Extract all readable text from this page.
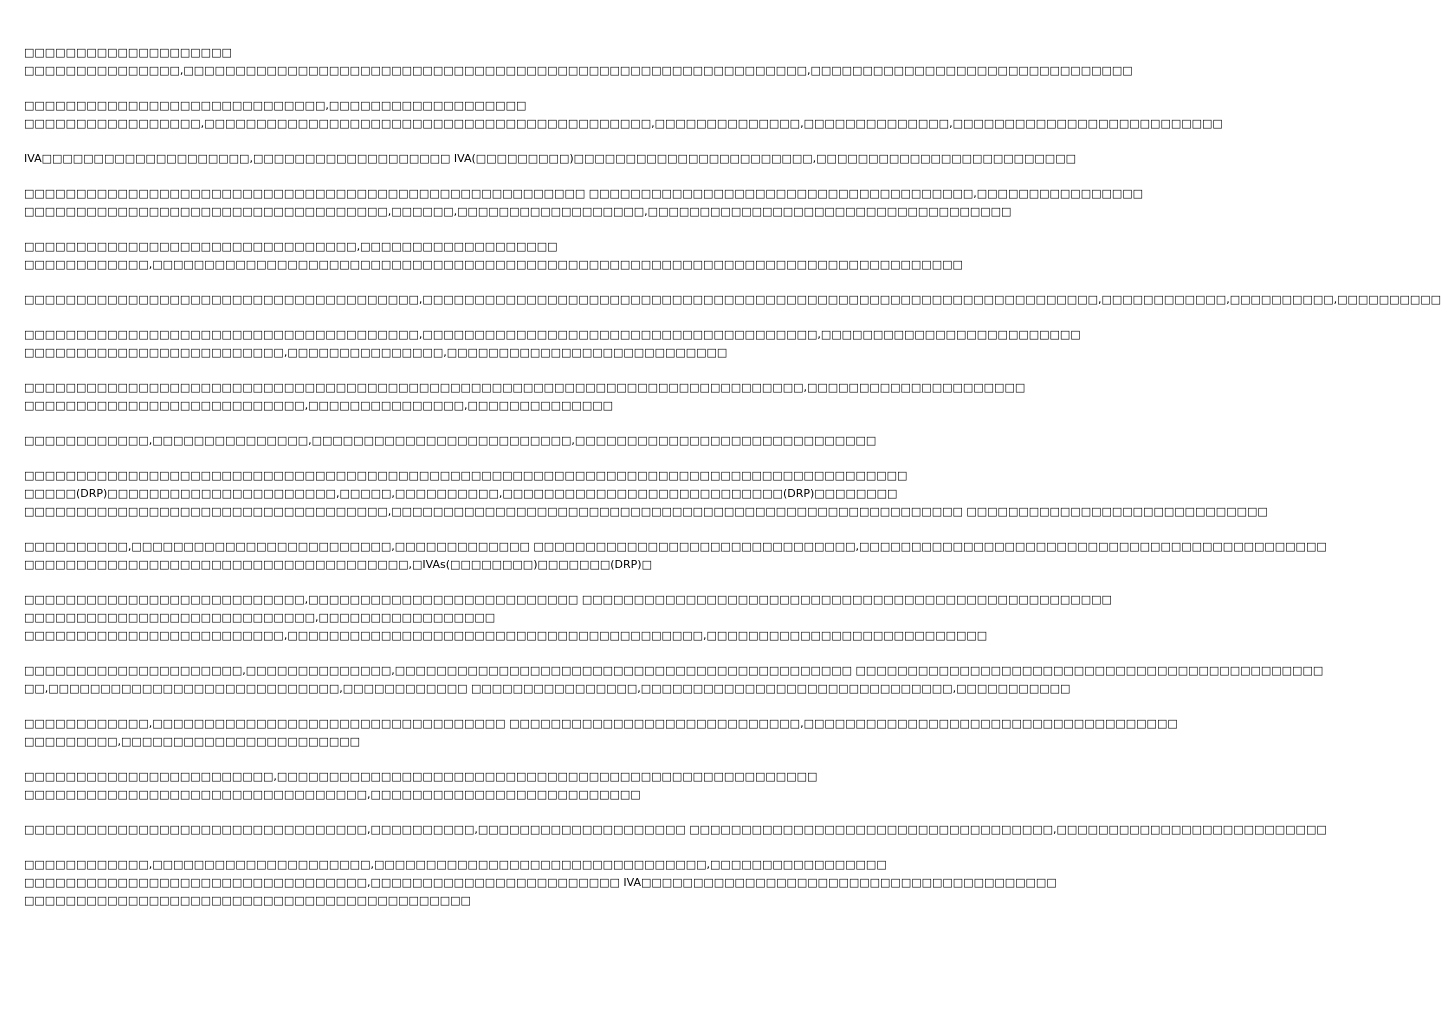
□□□□□□□□□□□□□□□□□□□□
□□□□□□□□□□□□□□□,□□□□□□□□□□□□□□□□□□□□□□□□□□□□□□□□□□□□□□□□□□□□□□□□□□□□□□□□□□□□,□□□□□□□□□□□□□□□□□□□□□□□□□□□□□□□
□□□□□□□□□□□□□□□□□□□□□□□□□□□□□,□□□□□□□□□□□□□□□□□□□
□□□□□□□□□□□□□□□□□,□□□□□□□□□□□□□□□□□□□□□□□□□□□□□□□□□□□□□□□□□□□,□□□□□□□□□□□□□□,□□□□□□□□□□□□□□,□□□□□□□□□□□□□□□□□□□□□□□□□□
IVA□□□□□□□□□□□□□□□□□□□□,□□□□□□□□□□□□□□□□□□□ IVA(□□□□□□□□□)□□□□□□□□□□□□□□□□□□□□□□□,□□□□□□□□□□□□□□□□□□□□□□□□□
□□□□□□□□□□□□□□□□□□□□□□□□□□□□□□□□□□□□□□□□□□□□□□□□□□□□□□ □□□□□□□□□□□□□□□□□□□□□□□□□□□□□□□□□□□□□,□□□□□□□□□□□□□□□□
□□□□□□□□□□□□□□□□□□□□□□□□□□□□□□□□□□□,□□□□□□,□□□□□□□□□□□□□□□□□□,□□□□□□□□□□□□□□□□□□□□□□□□□□□□□□□□□□□
□□□□□□□□□□□□□□□□□□□□□□□□□□□□□□□□,□□□□□□□□□□□□□□□□□□□
□□□□□□□□□□□□,□□□□□□□□□□□□□□□□□□□□□□□□□□□□□□□□□□□□□□□□□□□□□□□□□□□□□□□□□□□□□□□□□□□□□□□□□□□□□□
□□□□□□□□□□□□□□□□□□□□□□□□□□□□□□□□□□□□□□,□□□□□□□□□□□□□□□□□□□□□□□□□□□□□□□□□□□□□□□□□□□□□□□□□□□□□□□□□□□□□□□□□,□□□□□□□□□□□□,□□□□□□□□□□,□□□□□□□□□□
□□□□□□□□□□□□□□□□□□□□□□□□□□□□□□□□□□□□□□,□□□□□□□□□□□□□□□□□□□□□□□□□□□□□□□□□□□□□□,□□□□□□□□□□□□□□□□□□□□□□□□□
□□□□□□□□□□□□□□□□□□□□□□□□□,□□□□□□□□□□□□□□□,□□□□□□□□□□□□□□□□□□□□□□□□□□□
□□□□□□□□□□□□□□□□□□□□□□□□□□□□□□□□□□□□□□□□□□□□□□□□□□□□□□□□□□□□□□□□□□□□□□□□□□□,□□□□□□□□□□□□□□□□□□□□□
□□□□□□□□□□□□□□□□□□□□□□□□□□□,□□□□□□□□□□□□□□□,□□□□□□□□□□□□□□
□□□□□□□□□□□□,□□□□□□□□□□□□□□□,□□□□□□□□□□□□□□□□□□□□□□□□□,□□□□□□□□□□□□□□□□□□□□□□□□□□□□□
□□□□□□□□□□□□□□□□□□□□□□□□□□□□□□□□□□□□□□□□□□□□□□□□□□□□□□□□□□□□□□□□□□□□□□□□□□□□□□□□□□□□□
□□□□□(DRP)□□□□□□□□□□□□□□□□□□□□□□,□□□□□,□□□□□□□□□□,□□□□□□□□□□□□□□□□□□□□□□□□□□□(DRP)□□□□□□□□
□□□□□□□□□□□□□□□□□□□□□□□□□□□□□□□□□□□,□□□□□□□□□□□□□□□□□□□□□□□□□□□□□□□□□□□□□□□□□□□□□□□□□□□□□□□ □□□□□□□□□□□□□□□□□□□□□□□□□□□□□
□□□□□□□□□□,□□□□□□□□□□□□□□□□□□□□□□□□□,□□□□□□□□□□□□□ □□□□□□□□□□□□□□□□□□□□□□□□□□□□□□□,□□□□□□□□□□□□□□□□□□□□□□□□□□□□□□□□□□□□□□□□□□□□□
□□□□□□□□□□□□□□□□□□□□□□□□□□□□□□□□□□□□□,□IVAs(□□□□□□□□)□□□□□□□(DRP)□
□□□□□□□□□□□□□□□□□□□□□□□□□□□,□□□□□□□□□□□□□□□□□□□□□□□□□□ □□□□□□□□□□□□□□□□□□□□□□□□□□□□□□□□□□□□□□□□□□□□□□□□□□□
□□□□□□□□□□□□□□□□□□□□□□□□□□□□,□□□□□□□□□□□□□□□□□
□□□□□□□□□□□□□□□□□□□□□□□□□,□□□□□□□□□□□□□□□□□□□□□□□□□□□□□□□□□□□□□□□□,□□□□□□□□□□□□□□□□□□□□□□□□□□□
□□□□□□□□□□□□□□□□□□□□□,□□□□□□□□□□□□□□,□□□□□□□□□□□□□□□□□□□□□□□□□□□□□□□□□□□□□□□□□□□□ □□□□□□□□□□□□□□□□□□□□□□□□□□□□□□□□□□□□□□□□□□□□□
□□,□□□□□□□□□□□□□□□□□□□□□□□□□□□□,□□□□□□□□□□□□ □□□□□□□□□□□□□□□□,□□□□□□□□□□□□□□□□□□□□□□□□□□□□□□,□□□□□□□□□□□
□□□□□□□□□□□□,□□□□□□□□□□□□□□□□□□□□□□□□□□□□□□□□□□ □□□□□□□□□□□□□□□□□□□□□□□□□□□□,□□□□□□□□□□□□□□□□□□□□□□□□□□□□□□□□□□□□
□□□□□□□□□,□□□□□□□□□□□□□□□□□□□□□□□
□□□□□□□□□□□□□□□□□□□□□□□□,□□□□□□□□□□□□□□□□□□□□□□□□□□□□□□□□□□□□□□□□□□□□□□□□□□□□
□□□□□□□□□□□□□□□□□□□□□□□□□□□□□□□□□,□□□□□□□□□□□□□□□□□□□□□□□□□□
□□□□□□□□□□□□□□□□□□□□□□□□□□□□□□□□□,□□□□□□□□□□,□□□□□□□□□□□□□□□□□□□□ □□□□□□□□□□□□□□□□□□□□□□□□□□□□□□□□□□□,□□□□□□□□□□□□□□□□□□□□□□□□□□
□□□□□□□□□□□□,□□□□□□□□□□□□□□□□□□□□□,□□□□□□□□□□□□□□□□□□□□□□□□□□□□□□□□,□□□□□□□□□□□□□□□□□
□□□□□□□□□□□□□□□□□□□□□□□□□□□□□□□□□,□□□□□□□□□□□□□□□□□□□□□□□□ IVA□□□□□□□□□□□□□□□□□□□□□□□□□□□□□□□□□□□□□□□□
□□□□□□□□□□□□□□□□□□□□□□□□□□□□□□□□□□□□□□□□□□□
